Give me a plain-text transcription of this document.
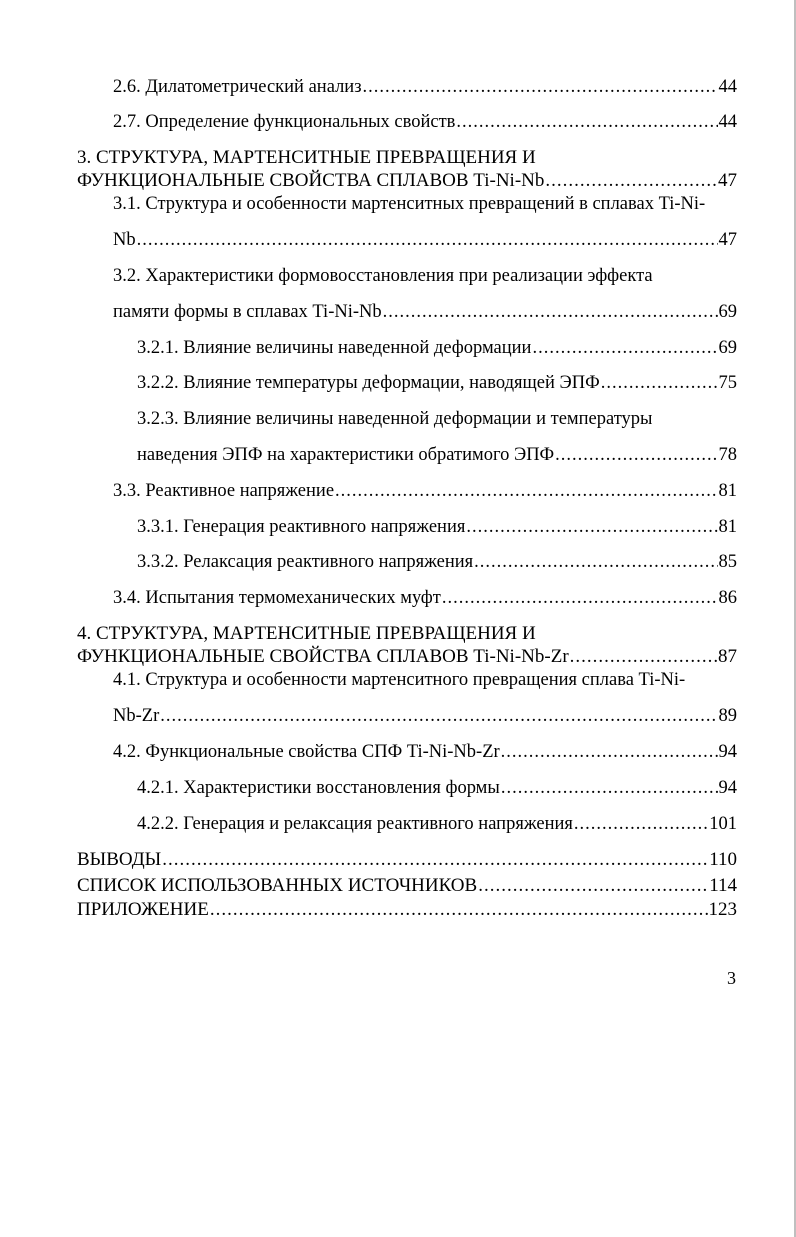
2.6. Дилатометрический анализ .....	44
2.7. Определение функциональных свойств .....	44
3. СТРУКТУРА, МАРТЕНСИТНЫЕ ПРЕВРАЩЕНИЯ И
ФУНКЦИОНАЛЬНЫЕ СВОЙСТВА СПЛАВОВ Ti-Ni-Nb .....	47
3.1. Структура и особенности мартенситных превращений в сплавах Ti-Ni-
Nb .....	47
3.2. Характеристики формовосстановления при реализации эффекта
памяти формы в сплавах Ti-Ni-Nb .....	69
3.2.1. Влияние величины наведенной деформации .....	69
3.2.2. Влияние температуры деформации, наводящей ЭПФ .....	75
3.2.3. Влияние величины наведенной деформации и температуры
наведения ЭПФ на характеристики обратимого ЭПФ .....	78
3.3. Реактивное напряжение .....	81
3.3.1. Генерация реактивного напряжения .....	81
3.3.2. Релаксация реактивного напряжения .....	85
3.4. Испытания термомеханических муфт .....	86
4. СТРУКТУРА, МАРТЕНСИТНЫЕ ПРЕВРАЩЕНИЯ И
ФУНКЦИОНАЛЬНЫЕ СВОЙСТВА СПЛАВОВ Ti-Ni-Nb-Zr .....	87
4.1. Структура и особенности мартенситного превращения сплава Ti-Ni-
Nb-Zr .....	89
4.2. Функциональные свойства СПФ Ti-Ni-Nb-Zr .....	94
4.2.1. Характеристики восстановления формы .....	94
4.2.2. Генерация и релаксация реактивного напряжения .....	101
ВЫВОДЫ .....	110
СПИСОК ИСПОЛЬЗОВАННЫХ ИСТОЧНИКОВ .....	114
ПРИЛОЖЕНИЕ .....	123
3
